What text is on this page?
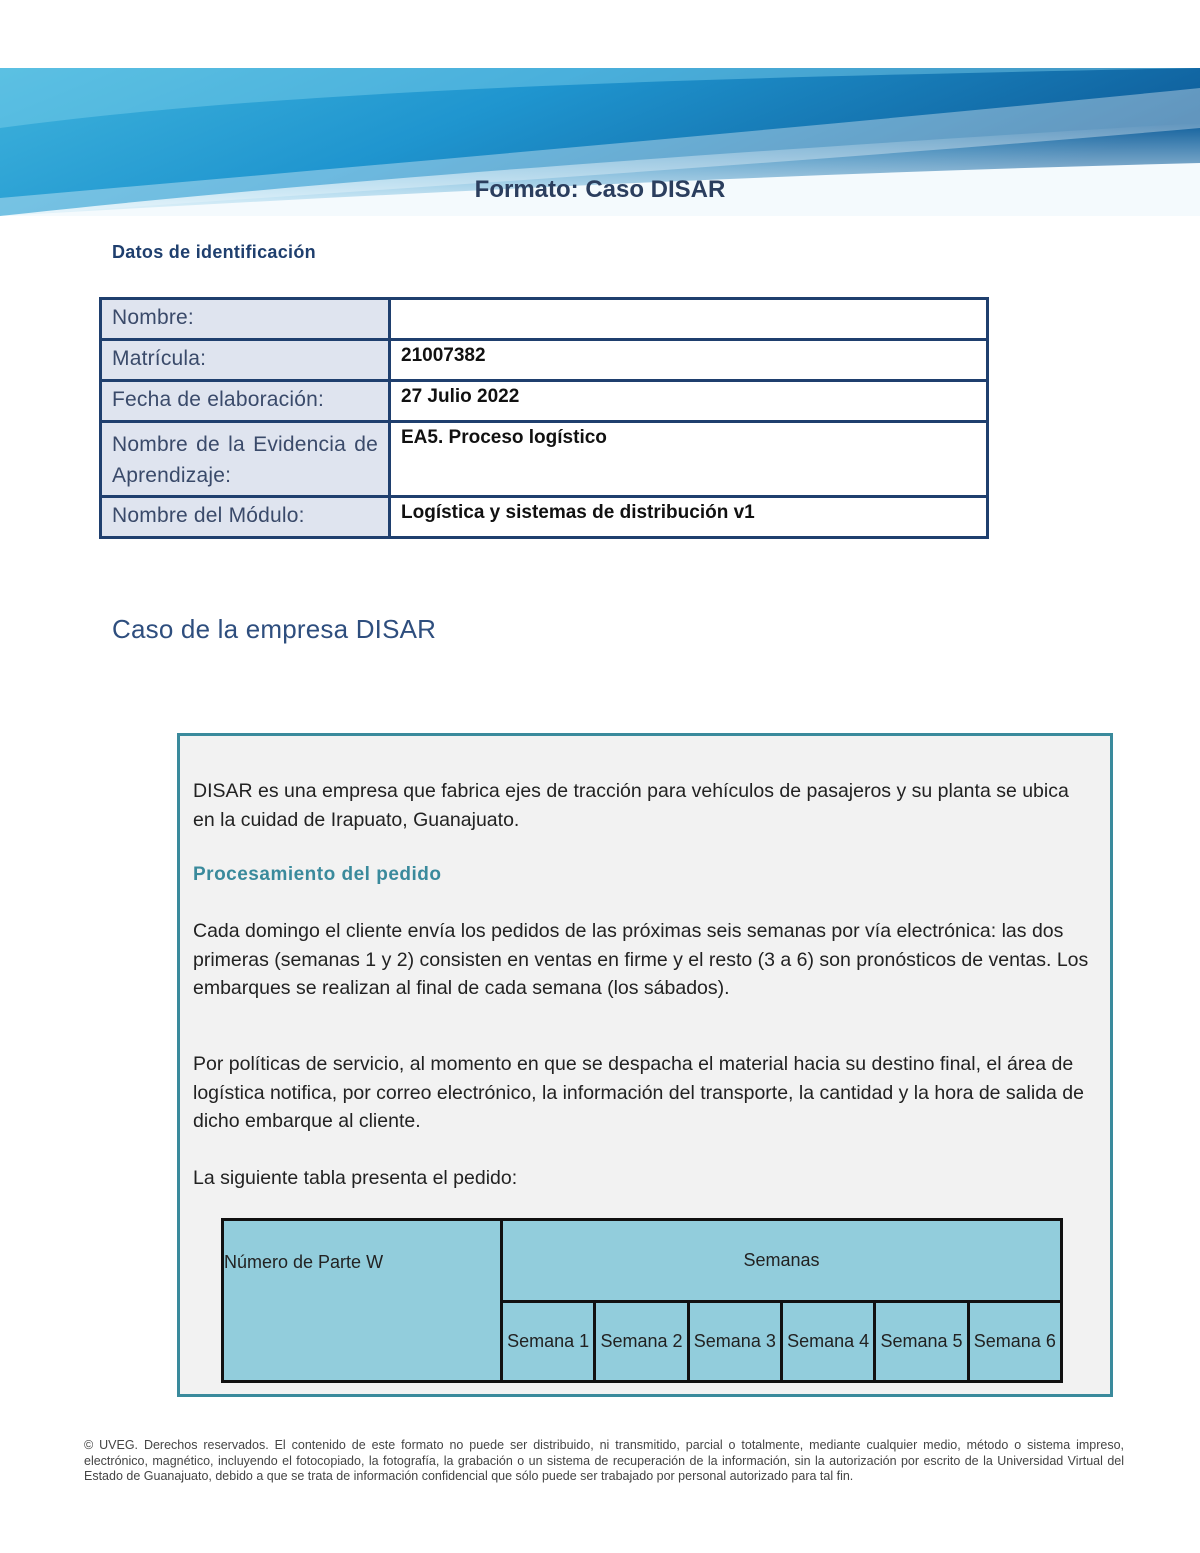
Formato: Caso DISAR
Datos de identificación
Nombre:	
Matrícula:	21007382
Fecha de elaboración:	27 Julio 2022

Nombre de la Evidencia de Aprendizaje:	EA5. Proceso logístico
Nombre del Módulo:	Logística y sistemas de distribución v1
Caso de la empresa DISAR
DISAR es una empresa que fabrica ejes de tracción para vehículos de pasajeros y su planta se ubica en la cuidad de Irapuato, Guanajuato.
Procesamiento del pedido
Cada domingo el cliente envía los pedidos de las próximas seis semanas por vía electrónica: las dos primeras (semanas 1 y 2) consisten en ventas en firme y el resto (3 a 6) son pronósticos de ventas. Los embarques se realizan al final de cada semana (los sábados).
Por políticas de servicio, al momento en que se despacha el material hacia su destino final, el área de logística notifica, por correo electrónico, la información del transporte, la cantidad y la hora de salida de dicho embarque al cliente.
La siguiente tabla presenta el pedido:
Número de Parte W	Semanas					
	Semana 1	Semana 2	Semana 3	Semana 4	Semana 5	Semana 6
© UVEG. Derechos reservados. El contenido de este formato no puede ser distribuido, ni transmitido, parcial o totalmente, mediante cualquier medio, método o sistema impreso, electrónico, magnético, incluyendo el fotocopiado, la fotografía, la grabación o un sistema de recuperación de la información, sin la autorización por escrito de la Universidad Virtual del Estado de Guanajuato, debido a que se trata de información confidencial que sólo puede ser trabajado por personal autorizado para tal fin.
